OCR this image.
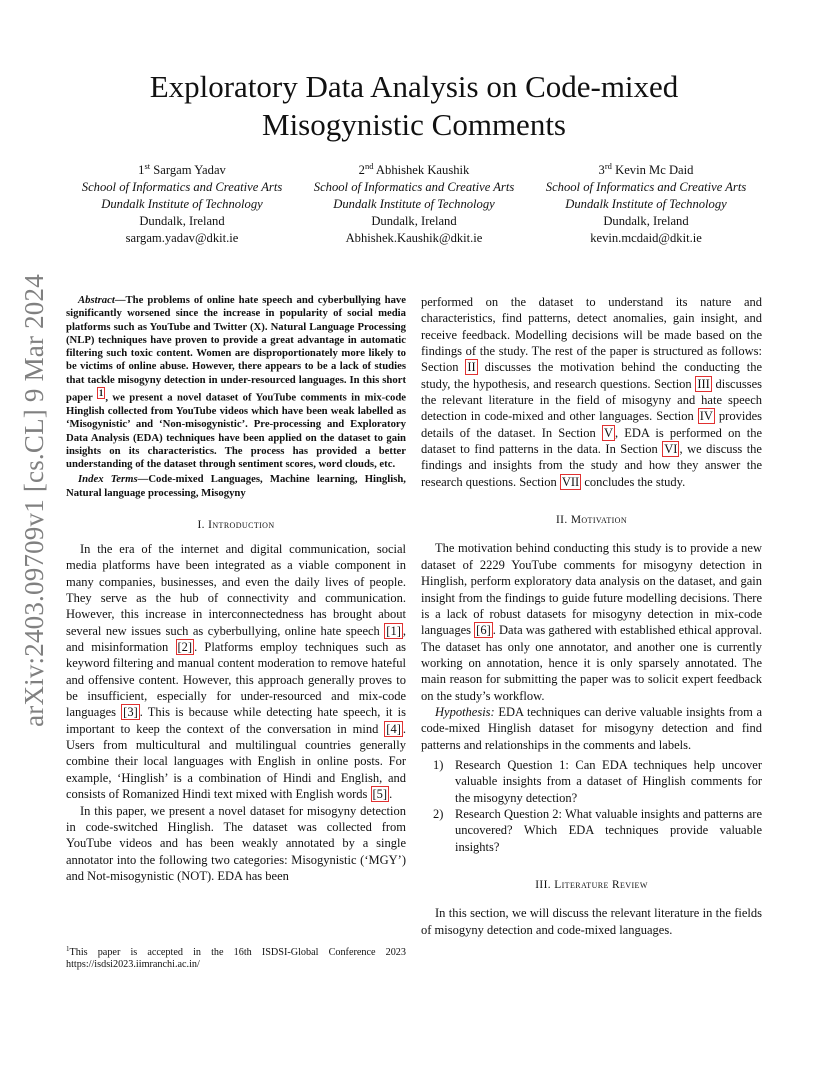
arXiv:2403.09709v1 [cs.CL] 9 Mar 2024
Exploratory Data Analysis on Code-mixed
Misogynistic Comments
1st Sargam Yadav
School of Informatics and Creative Arts
Dundalk Institute of Technology
Dundalk, Ireland
sargam.yadav@dkit.ie
2nd Abhishek Kaushik
School of Informatics and Creative Arts
Dundalk Institute of Technology
Dundalk, Ireland
Abhishek.Kaushik@dkit.ie
3rd Kevin Mc Daid
School of Informatics and Creative Arts
Dundalk Institute of Technology
Dundalk, Ireland
kevin.mcdaid@dkit.ie

Abstract—The problems of online hate speech and cyberbullying have significantly worsened since the increase in popularity of social media platforms such as YouTube and Twitter (X). Natural Language Processing (NLP) techniques have proven to provide a great advantage in automatic filtering such toxic content. Women are disproportionately more likely to be victims of online abuse. However, there appears to be a lack of studies that tackle misogyny detection in under-resourced languages. In this short paper $^1$ , we present a novel dataset of YouTube comments in mix-code Hinglish collected from YouTube videos which have been weak labelled as ‘Misogynistic’ and ‘Non-misogynistic’. Pre-processing and Exploratory Data Analysis (EDA) techniques have been applied on the dataset to gain insights on its characteristics. The process has provided a better understanding of the dataset through sentiment scores, word clouds, etc.

Index Terms—Code-mixed Languages, Machine learning, Hinglish, Natural language processing, Misogyny

I. Introduction

In the era of the internet and digital communication, social media platforms have been integrated as a viable component in many companies, businesses, and even the daily lives of people. They serve as the hub of connectivity and communication. However, this increase in interconnectedness has brought about several new issues such as cyberbullying, online hate speech [1] , and misinformation [2] . Platforms employ techniques such as keyword filtering and manual content moderation to remove hateful and offensive content. However, this approach generally proves to be insufficient, especially for under-resourced and mix-code languages [3] . This is because while detecting hate speech, it is important to keep the context of the conversation in mind [4] . Users from multicultural and multilingual countries generally combine their local languages with English in online posts. For example, ‘Hinglish’ is a combination of Hindi and English, and consists of Romanized Hindi text mixed with English words [5] .

In this paper, we present a novel dataset for misogyny detection in code-switched Hinglish. The dataset was collected from YouTube videos and has been weakly annotated by a single annotator into the following two categories: Misogynistic (‘MGY’) and Not-misogynistic (NOT). EDA has been

$^1$This paper is accepted in the 16th ISDSI-Global Conference 2023 https://isdsi2023.iimranchi.ac.in/

performed on the dataset to understand its nature and characteristics, find patterns, detect anomalies, gain insight, and receive feedback. Modelling decisions will be made based on the findings of the study. The rest of the paper is structured as follows: Section II discusses the motivation behind the conducting the study, the hypothesis, and research questions. Section III discusses the relevant literature in the field of misogyny and hate speech detection in code-mixed and other languages. Section IV provides details of the dataset. In Section V , EDA is performed on the dataset to find patterns in the data. In Section VI , we discuss the findings and insights from the study and how they answer the research questions. Section VII concludes the study.

II. Motivation

The motivation behind conducting this study is to provide a new dataset of 2229 YouTube comments for misogyny detection in Hinglish, perform exploratory data analysis on the dataset, and gain insight from the findings to guide future modelling decisions. There is a lack of robust datasets for misogyny detection in mix-code languages [6] . Data was gathered with established ethical approval. The dataset has only one annotator, and another one is currently working on annotation, hence it is only sparsely annotated. The main reason for submitting the paper was to solicit expert feedback on the study’s workflow.

Hypothesis: EDA techniques can derive valuable insights from a code-mixed Hinglish dataset for misogyny detection and find patterns and relationships in the comments and labels.

1) Research Question 1: Can EDA techniques help uncover valuable insights from a dataset of Hinglish comments for the misogyny detection?
2) Research Question 2: What valuable insights and patterns are uncovered? Which EDA techniques provide valuable insights?
III. Literature Review

In this section, we will discuss the relevant literature in the fields of misogyny detection and code-mixed languages.
